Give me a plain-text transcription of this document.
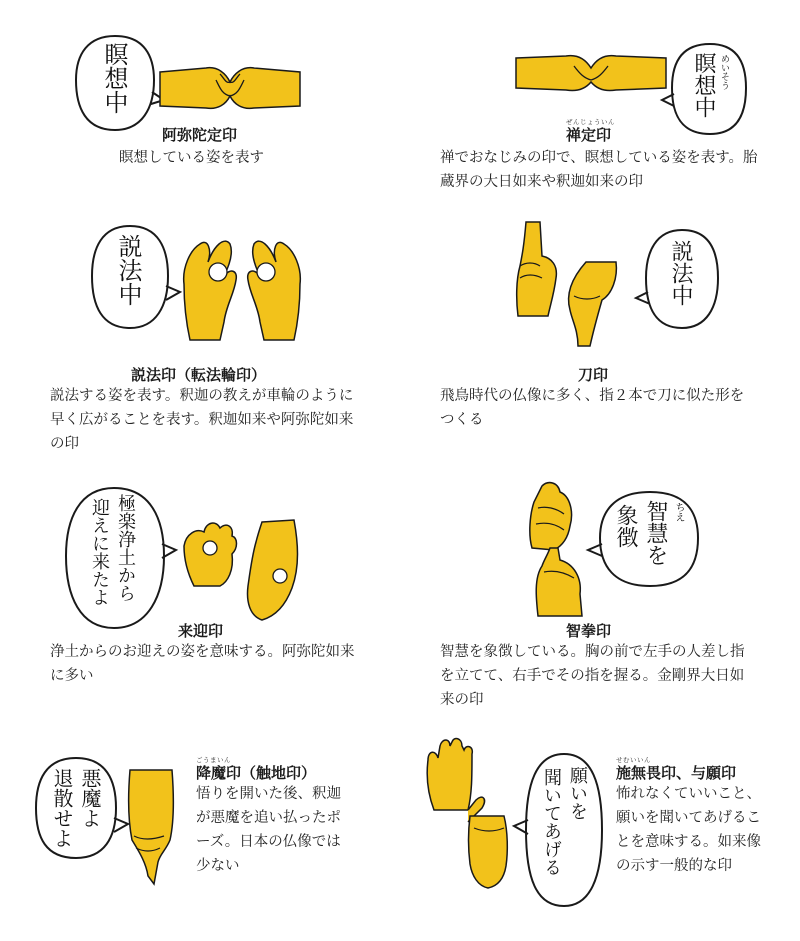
瞑想中
阿弥陀定印
瞑想している姿を表す
めいそう
瞑想中
ぜんじょういん
禅定印
禅でおなじみの印で、瞑想している姿を表す。胎蔵界の大日如来や釈迦如来の印
説法中
説法印（転法輪印）
説法する姿を表す。釈迦の教えが車輪のように早く広がることを表す。釈迦如来や阿弥陀如来の印
説法中
刀印
飛鳥時代の仏像に多く、指２本で刀に似た形をつくる
極楽浄土から
迎えに来たよ
来迎印
浄土からのお迎えの姿を意味する。阿弥陀如来に多い
ちえ
智慧を
象徴
智拳印
智慧を象徴している。胸の前で左手の人差し指を立てて、右手でその指を握る。金剛界大日如来の印
悪魔よ
退散せよ
ごうまいん
降魔印（触地印）
悟りを開いた後、釈迦が悪魔を追い払ったポーズ。日本の仏像では少ない
願いを
聞いてあげる
せむいいん
施無畏印、与願印
怖れなくていいこと、願いを聞いてあげることを意味する。如来像の示す一般的な印
